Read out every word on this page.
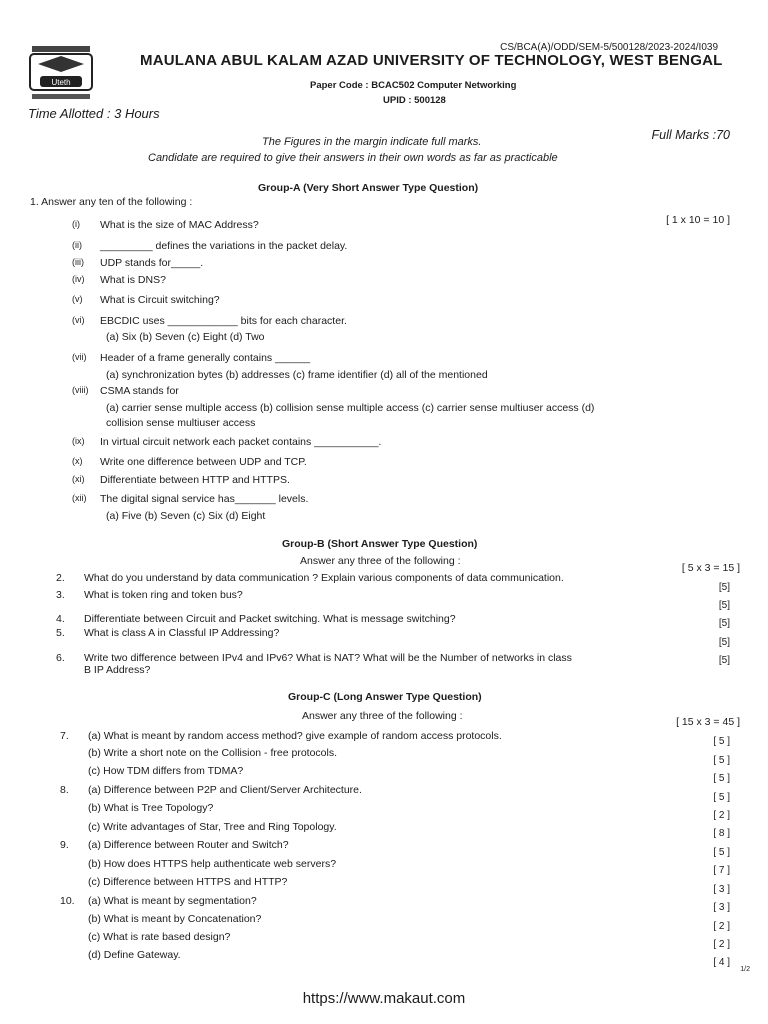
Uteth
CS/BCA(A)/ODD/SEM-5/500128/2023-2024/I039
MAULANA ABUL KALAM AZAD UNIVERSITY OF TECHNOLOGY, WEST BENGAL
Paper Code : BCAC502 Computer Networking
UPID : 500128
Time Allotted : 3 Hours
Full Marks :70
The Figures in the margin indicate full marks.
Candidate are required to give their answers in their own words as far as practicable
Group-A (Very Short Answer Type Question)
1. Answer any ten of the following :
[ 1 x 10 = 10 ]
(i) What is the size of MAC Address?
(ii) _________ defines the variations in the packet delay.
(iii) UDP stands for_____.
(iv) What is DNS?
(v) What is Circuit switching?
(vi) EBCDIC uses ____________ bits for each character.
(a) Six (b) Seven (c) Eight (d) Two
(vii) Header of a frame generally contains ______
(a) synchronization bytes (b) addresses (c) frame identifier (d) all of the mentioned
(viii) CSMA stands for
(a) carrier sense multiple access (b) collision sense multiple access (c) carrier sense multiuser access (d)
collision sense multiuser access
(ix) In virtual circuit network each packet contains ___________.
(x) Write one difference between UDP and TCP.
(xi) Differentiate between HTTP and HTTPS.
(xii) The digital signal service has_______ levels.
(a) Five (b) Seven (c) Six (d) Eight
Group-B (Short Answer Type Question)
Answer any three of the following :
[ 5 x 3 = 15 ]
2. What do you understand by data communication ? Explain various components of data communication.
[5]
3. What is token ring and token bus?
[5]
4. Differentiate between Circuit and Packet switching. What is message switching?	[5]
5. What is class A in Classful IP Addressing?
[5]
6. Write two difference between IPv4 and IPv6? What is NAT? What will be the Number of networks in class	[5]
B IP Address?
Group-C (Long Answer Type Question)
Answer any three of the following :	[ 15 x 3 = 45 ]
7. (a) What is meant by random access method? give example of random access protocols.	[ 5 ]
(b) Write a short note on the Collision - free protocols.
[ 5 ]
(c) How TDM differs from TDMA?
[ 5 ]
8. (a) Difference between P2P and Client/Server Architecture.
[ 5 ]
(b) What is Tree Topology?
[ 2 ]
(c) Write advantages of Star, Tree and Ring Topology.
[ 8 ]
9. (a) Difference between Router and Switch?
[ 5 ]
(b) How does HTTPS help authenticate web servers?
[ 7 ]
(c) Difference between HTTPS and HTTP?
[ 3 ]
10. (a) What is meant by segmentation?
[ 3 ]
(b) What is meant by Concatenation?
[ 2 ]
(c) What is rate based design?
[ 2 ]
(d) Define Gateway.
[ 4 ]
1/2
https://www.makaut.com
